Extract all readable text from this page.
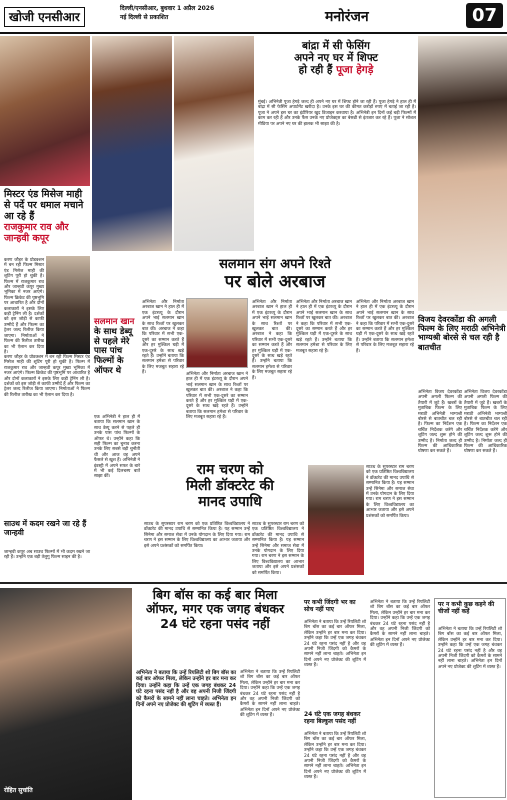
खोजी एनसीआर
दिल्ली/एनसीआर, बुधवार 1 अप्रैल 2026
नई दिल्ली से प्रकाशित	मनोरंजन	07
मिस्टर एंड मिसेज माही से पर्दे पर धमाल मचाने आ रहे हैं
राजकुमार राव और जान्हवी कपूर
करण जौहर के प्रोडक्शन में बन रही फिल्म मिस्टर एंड मिसेज माही की शूटिंग पूरी हो चुकी है। फिल्म में राजकुमार राव और जान्हवी कपूर मुख्य भूमिका में नजर आएंगे। फिल्म क्रिकेट की पृष्ठभूमि पर आधारित है और दोनों कलाकारों ने इसके लिए कड़ी ट्रेनिंग ली है। दर्शकों को इस जोड़ी से काफी उम्मीदें हैं और फिल्म का ट्रेलर जल्द रिलीज किया जाएगा। निर्माताओं ने फिल्म की रिलीज तारीख का भी ऐलान कर दिया है।
करण जौहर के प्रोडक्शन में बन रही फिल्म मिस्टर एंड मिसेज माही की शूटिंग पूरी हो चुकी है। फिल्म में राजकुमार राव और जान्हवी कपूर मुख्य भूमिका में नजर आएंगे। फिल्म क्रिकेट की पृष्ठभूमि पर आधारित है और दोनों कलाकारों ने इसके लिए कड़ी ट्रेनिंग ली है। दर्शकों को इस जोड़ी से काफी उम्मीदें हैं और फिल्म का ट्रेलर जल्द रिलीज किया जाएगा। निर्माताओं ने फिल्म की रिलीज तारीख का भी ऐलान कर दिया है।
साउथ में कदम रखने जा रहे हैं जान्हवी
जान्हवी कपूर अब साउथ फिल्मों में भी कदम रखने जा रही हैं। उन्होंने एक बड़ी तेलुगु फिल्म साइन की है।
बांद्रा में सी फेसिंग
अपने नए घर में शिफ्ट
हो रही हैं पूजा हेगड़े
मुंबई। अभिनेत्री पूजा हेगड़े जल्द ही अपने नए घर में शिफ्ट होने जा रही हैं। पूजा हेगड़े ने हाल ही में बांद्रा में सी फेसिंग अपार्टमेंट खरीदा है। उनके इस घर की कीमत करोड़ों रुपए में बताई जा रही है। पूजा ने अपने इस घर का इंटीरियर खुद डिजाइन करवाया है। अभिनेत्री इन दिनों कई बड़ी फिल्मों में काम कर रही हैं और उनके फैंस उनके नए प्रोजेक्ट्स का बेसब्री से इंतजार कर रहे हैं। पूजा ने सोशल मीडिया पर अपने नए घर की झलक भी साझा की है।
सलमान संग अपने रिश्ते
पर बोले अरबाज
अभिनेता और निर्माता अरबाज खान ने हाल ही में एक इंटरव्यू के दौरान अपने भाई सलमान खान के साथ रिश्तों पर खुलकर बात की। अरबाज ने कहा कि परिवार में सभी एक-दूसरे का सम्मान करते हैं और हर मुश्किल घड़ी में एक-दूसरे के साथ खड़े रहते हैं। उन्होंने बताया कि सलमान हमेशा से परिवार के लिए मजबूत सहारा रहे हैं।	अभिनेता और निर्माता अरबाज खान ने हाल ही में एक इंटरव्यू के दौरान अपने भाई सलमान खान के साथ रिश्तों पर खुलकर बात की। अरबाज ने कहा कि परिवार में सभी एक-दूसरे का सम्मान करते हैं और हर मुश्किल घड़ी में एक-दूसरे के साथ खड़े रहते हैं। उन्होंने बताया कि सलमान हमेशा से परिवार के लिए मजबूत सहारा रहे हैं।
अभिनेता और निर्माता अरबाज खान ने हाल ही में एक इंटरव्यू के दौरान अपने भाई सलमान खान के साथ रिश्तों पर खुलकर बात की। अरबाज ने कहा कि परिवार में सभी एक-दूसरे का सम्मान करते हैं और हर मुश्किल घड़ी में एक-दूसरे के साथ खड़े रहते हैं। उन्होंने बताया कि सलमान हमेशा से परिवार के लिए मजबूत सहारा रहे हैं।
अभिनेता और निर्माता अरबाज खान ने हाल ही में एक इंटरव्यू के दौरान अपने भाई सलमान खान के साथ रिश्तों पर खुलकर बात की। अरबाज ने कहा कि परिवार में सभी एक-दूसरे का सम्मान करते हैं और हर मुश्किल घड़ी में एक-दूसरे के साथ खड़े रहते हैं। उन्होंने बताया कि सलमान हमेशा से परिवार के लिए मजबूत सहारा रहे हैं।
अभिनेता और निर्माता अरबाज खान ने हाल ही में एक इंटरव्यू के दौरान अपने भाई सलमान खान के साथ रिश्तों पर खुलकर बात की। अरबाज ने कहा कि परिवार में सभी एक-दूसरे का सम्मान करते हैं और हर मुश्किल घड़ी में एक-दूसरे के साथ खड़े रहते हैं। उन्होंने बताया कि सलमान हमेशा से परिवार के लिए मजबूत सहारा रहे हैं।
सलमान खान
के साथ डेब्यू से पहले मेरे पास पांच फिल्मों के ऑफर थे
एक अभिनेत्री ने हाल ही में बताया कि सलमान खान के साथ डेब्यू करने से पहले ही उनके पास पांच फिल्मों के ऑफर थे। उन्होंने कहा कि सही फिल्म का चुनाव करना उनके लिए सबसे बड़ी चुनौती थी और आज वह अपने फैसले से खुश हैं। अभिनेत्री ने इंडस्ट्री में अपने सफर के बारे में भी कई दिलचस्प बातें साझा कीं।	राम चरण को
मिली डॉक्टरेट की
मानद उपाधि
साउथ के सुपरस्टार राम चरण को एक प्रतिष्ठित विश्वविद्यालय ने डॉक्टरेट की मानद उपाधि से सम्मानित किया है। यह सम्मान उन्हें सिनेमा और समाज सेवा में उनके योगदान के लिए दिया गया। राम चरण ने इस सम्मान के लिए विश्वविद्यालय का आभार जताया और इसे अपने प्रशंसकों को समर्पित किया।
साउथ के सुपरस्टार राम चरण को एक प्रतिष्ठित विश्वविद्यालय ने डॉक्टरेट की मानद उपाधि से सम्मानित किया है। यह सम्मान उन्हें सिनेमा और समाज सेवा में उनके योगदान के लिए दिया गया। राम चरण ने इस सम्मान के लिए विश्वविद्यालय का आभार जताया और इसे अपने प्रशंसकों को समर्पित किया।
साउथ के सुपरस्टार राम चरण को एक प्रतिष्ठित विश्वविद्यालय ने डॉक्टरेट की मानद उपाधि से सम्मानित किया है। यह सम्मान उन्हें सिनेमा और समाज सेवा में उनके योगदान के लिए दिया गया। राम चरण ने इस सम्मान के लिए विश्वविद्यालय का आभार जताया और इसे अपने प्रशंसकों को समर्पित किया।
विजय देवरकोंडा की अगली फिल्म के लिए मराठी अभिनेत्री भाग्यश्री बोरसे से चल रही है बातचीत
अभिनेता विजय देवरकोंडा अपनी अगली फिल्म की तैयारी में जुटे हैं। खबरों के मुताबिक फिल्म के लिए मराठी अभिनेत्री भाग्यश्री बोरसे से बातचीत चल रही है। फिल्म का निर्देशन एक चर्चित निर्देशक करेंगे और शूटिंग जल्द शुरू होने की उम्मीद है। निर्माता जल्द ही फिल्म की आधिकारिक घोषणा कर सकते हैं।
अभिनेता विजय देवरकोंडा अपनी अगली फिल्म की तैयारी में जुटे हैं। खबरों के मुताबिक फिल्म के लिए मराठी अभिनेत्री भाग्यश्री बोरसे से बातचीत चल रही है। फिल्म का निर्देशन एक चर्चित निर्देशक करेंगे और शूटिंग जल्द शुरू होने की उम्मीद है। निर्माता जल्द ही फिल्म की आधिकारिक घोषणा कर सकते हैं।
बिग बॉस का कई बार मिला
ऑफर, मगर एक जगह बंधकर
24 घंटे रहना पसंद नहीं
अभिनेता ने बताया कि उन्हें रियलिटी शो बिग बॉस का कई बार ऑफर मिला, लेकिन उन्होंने हर बार मना कर दिया। उन्होंने कहा कि उन्हें एक जगह बंधकर 24 घंटे रहना पसंद नहीं है और वह अपनी निजी जिंदगी को कैमरों के सामने नहीं लाना चाहते। अभिनेता इन दिनों अपने नए प्रोजेक्ट की शूटिंग में व्यस्त हैं।
अभिनेता ने बताया कि उन्हें रियलिटी शो बिग बॉस का कई बार ऑफर मिला, लेकिन उन्होंने हर बार मना कर दिया। उन्होंने कहा कि उन्हें एक जगह बंधकर 24 घंटे रहना पसंद नहीं है और वह अपनी निजी जिंदगी को कैमरों के सामने नहीं लाना चाहते। अभिनेता इन दिनों अपने नए प्रोजेक्ट की शूटिंग में व्यस्त हैं।
पर कभी जिंदगी भर का सोच नहीं पाए
अभिनेता ने बताया कि उन्हें रियलिटी शो बिग बॉस का कई बार ऑफर मिला, लेकिन उन्होंने हर बार मना कर दिया। उन्होंने कहा कि उन्हें एक जगह बंधकर 24 घंटे रहना पसंद नहीं है और वह अपनी निजी जिंदगी को कैमरों के सामने नहीं लाना चाहते। अभिनेता इन दिनों अपने नए प्रोजेक्ट की शूटिंग में व्यस्त हैं।
24 घंटे एक जगह बंधकर रहना बिल्कुल पसंद नहीं
अभिनेता ने बताया कि उन्हें रियलिटी शो बिग बॉस का कई बार ऑफर मिला, लेकिन उन्होंने हर बार मना कर दिया। उन्होंने कहा कि उन्हें एक जगह बंधकर 24 घंटे रहना पसंद नहीं है और वह अपनी निजी जिंदगी को कैमरों के सामने नहीं लाना चाहते। अभिनेता इन दिनों अपने नए प्रोजेक्ट की शूटिंग में व्यस्त हैं।
अभिनेता ने बताया कि उन्हें रियलिटी शो बिग बॉस का कई बार ऑफर मिला, लेकिन उन्होंने हर बार मना कर दिया। उन्होंने कहा कि उन्हें एक जगह बंधकर 24 घंटे रहना पसंद नहीं है और वह अपनी निजी जिंदगी को कैमरों के सामने नहीं लाना चाहते। अभिनेता इन दिनों अपने नए प्रोजेक्ट की शूटिंग में व्यस्त हैं।
पर न कभी कुछ कहने की चीजों नहीं कहें
अभिनेता ने बताया कि उन्हें रियलिटी शो बिग बॉस का कई बार ऑफर मिला, लेकिन उन्होंने हर बार मना कर दिया। उन्होंने कहा कि उन्हें एक जगह बंधकर 24 घंटे रहना पसंद नहीं है और वह अपनी निजी जिंदगी को कैमरों के सामने नहीं लाना चाहते। अभिनेता इन दिनों अपने नए प्रोजेक्ट की शूटिंग में व्यस्त हैं।
रोहित सुचांति
